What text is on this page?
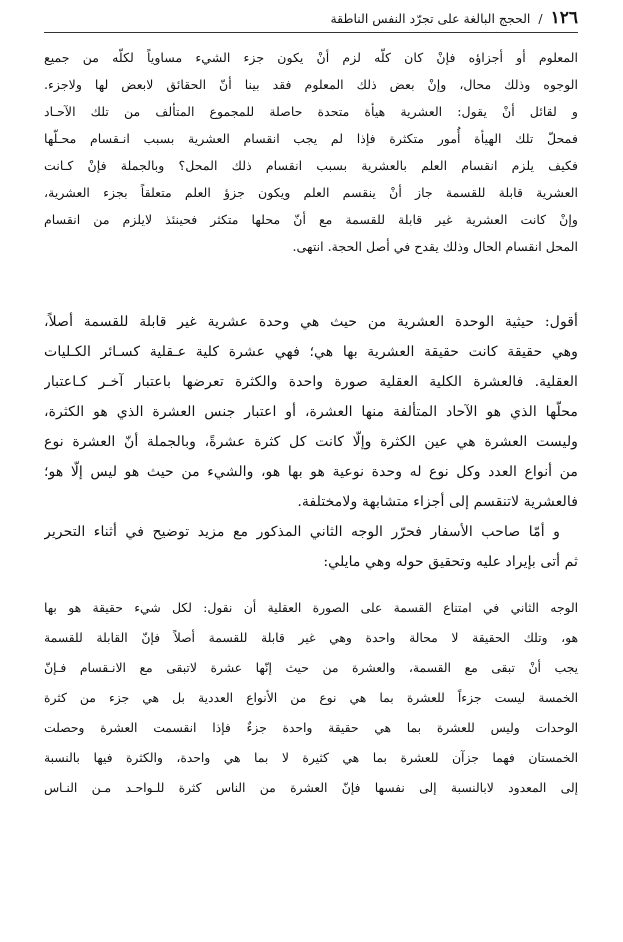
١٢٦ / الحجج البالغة على تجرّد النفس الناطقة
المعلوم أو أجزاؤه فإنْ كان كلّه لزم أنْ يكون جزء الشيء مساوياً لكلّه من جميع
الوجوه وذلك محال، وإنْ بعض ذلك المعلوم فقد بينا أنّ الحقائق لابعض لها ولاجزء.
و لقائل أنْ يقول: العشرية هيأة متحدة حاصلة للمجموع المتألف من تلك الآحـاد
فمحلّ تلك الهيأة أُمور متكثرة فإذا لم يجب انقسام العشرية بسبب انـقسام محـلّها
فكيف يلزم انقسام العلم بالعشرية بسبب انقسام ذلك المحل؟ وبالجملة فإنْ كـانت
العشرية قابلة للقسمة جاز أنْ ينقسم العلم ويكون جزؤ العلم متعلقاً بجزء العشرية،
وإنْ كانت العشرية غير قابلة للقسمة مع أنّ محلها متكثر فحينئذ لايلزم من انقسام
المحل انقسام الحال وذلك يقدح في أصل الحجة. انتهى.
أقول: حيثية الوحدة العشرية من حيث هي وحدة عشرية غير قابلة للقسمة أصلاً،
وهي حقيقة كانت حقيقة العشرية بها هي؛ فهي عشرة كلية عـقلية كسـائر الكـليات
العقلية. فالعشرة الكلية العقلية صورة واحدة والكثرة تعرضها باعتبار آخـر كـاعتبار
محلّها الذي هو الآحاد المتألفة منها العشرة، أو اعتبار جنس العشرة الذي هو الكثرة،
وليست العشرة هي عين الكثرة وإلّا كانت كل كثرة عشرةً، وبالجملة أنّ العشرة نوع
من أنواع العدد وكل نوع له وحدة نوعية هو بها هو، والشيء من حيث هو ليس إلّا هو؛
فالعشرية لاتنقسم إلى أجزاء متشابهة ولامختلفة.
و أمّا صاحب الأسفار فحرّر الوجه الثاني المذكور مع مزيد توضيح في أثناء التحرير
ثم أتى بإيراد عليه وتحقيق حوله وهي مايلي:
الوجه الثاني في امتناع القسمة على الصورة العقلية أن نقول: لكل شيء حقيقة هو بها
هو، وتلك الحقيقة لا محالة واحدة وهي غير قابلة للقسمة أصلاً فإنّ القابلة للقسمة
يجب أنْ تبقى مع القسمة، والعشرة من حيث إنّها عشرة لاتبقى مع الانـقسام فـإنّ
الخمسة ليست جزءاً للعشرة بما هي نوع من الأنواع العددية بل هي جزء من كثرة
الوحدات وليس للعشرة بما هي حقيقة واحدة جزءٌ فإذا انقسمت العشرة وحصلت
الخمستان فهما جزآن للعشرة بما هي كثيرة لا بما هي واحدة، والكثرة فيها بالنسبة
إلى المعدود لابالنسبة إلى نفسها فإنّ العشرة من الناس كثرة للـواحـد مـن النـاس
